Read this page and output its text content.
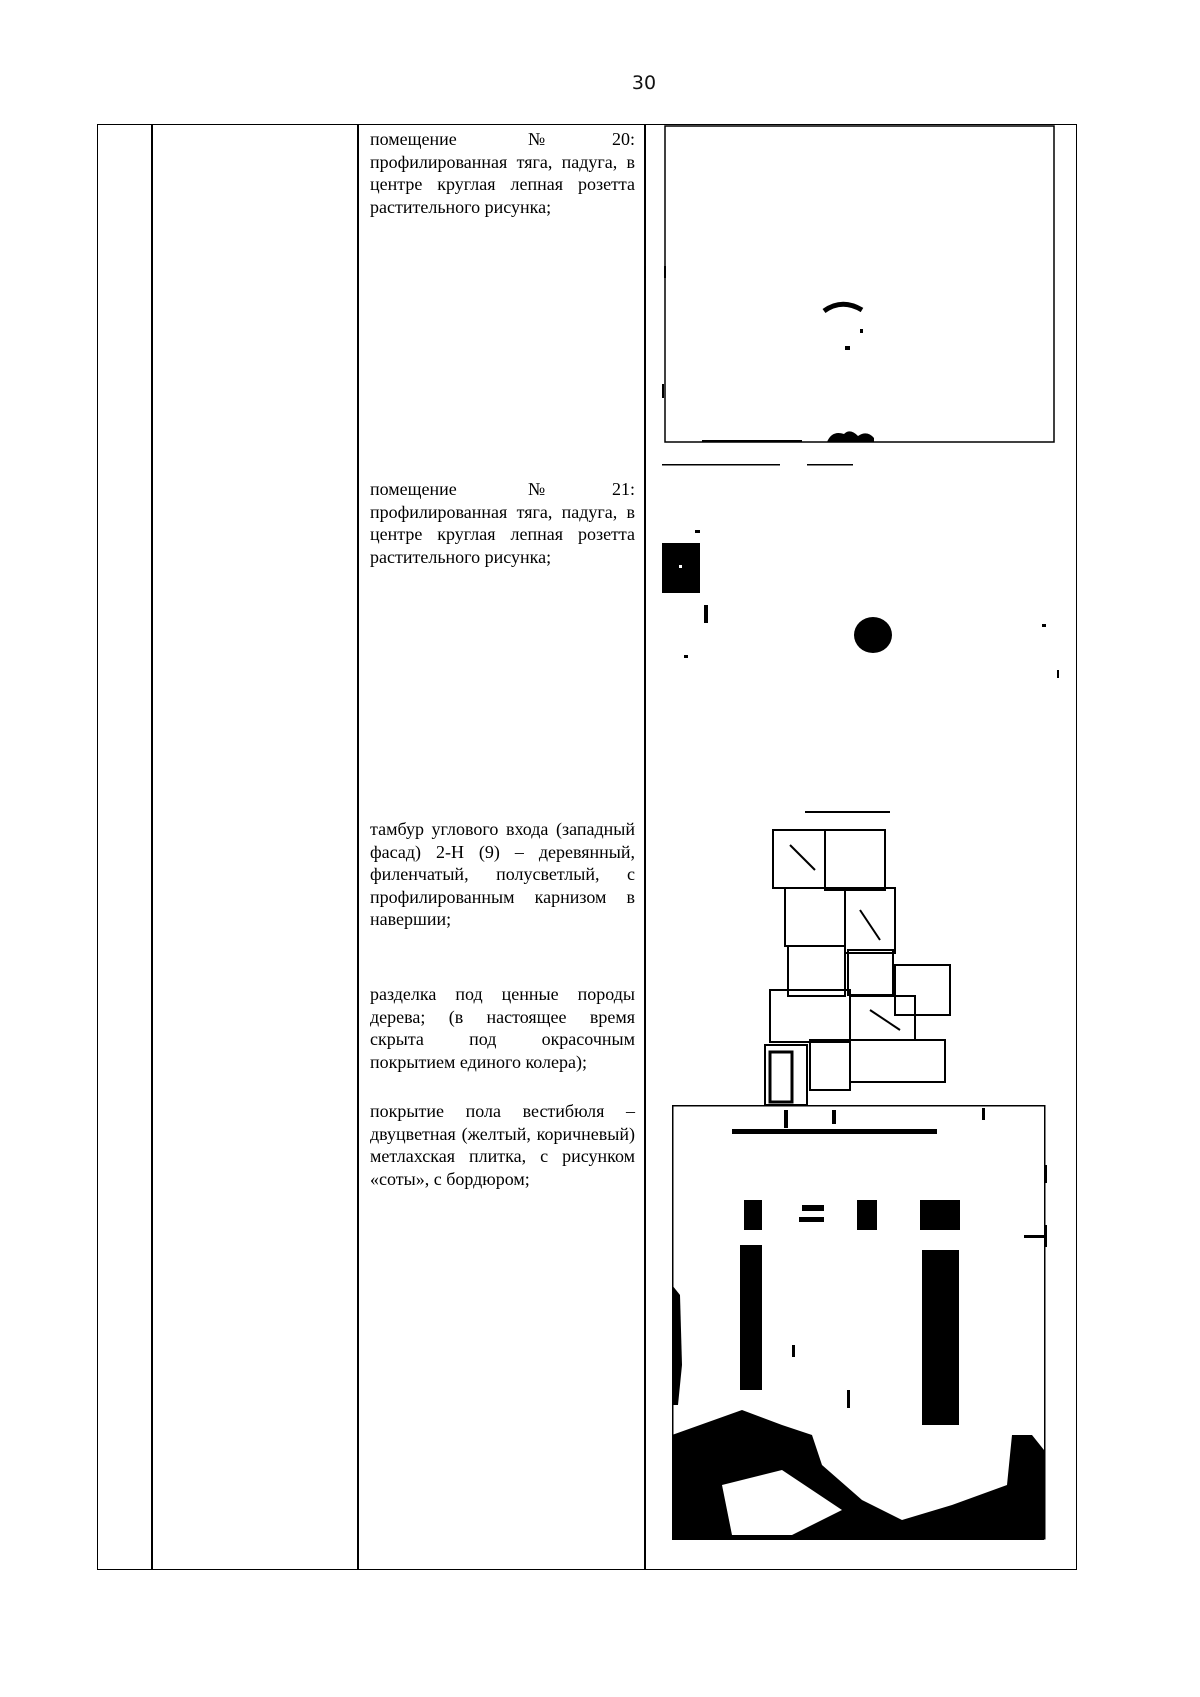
30

помещение №20: профилированная тяга, падуга, в центре круглая лепная розетта растительного рисунка;

помещение №21: профилированная тяга, падуга, в центре круглая лепная розетта растительного рисунка;

тамбур углового входа (западный фасад) 2-Н (9) – деревянный, филенчатый, полусветлый, с профилированным карнизом в навершии;

разделка под ценные породы дерева; (в настоящее время скрыта под окрасочным покрытием единого колера);

покрытие пола вестибюля – двуцветная (желтый, коричневый) метлахская плитка, с рисунком «соты», с бордюром;
